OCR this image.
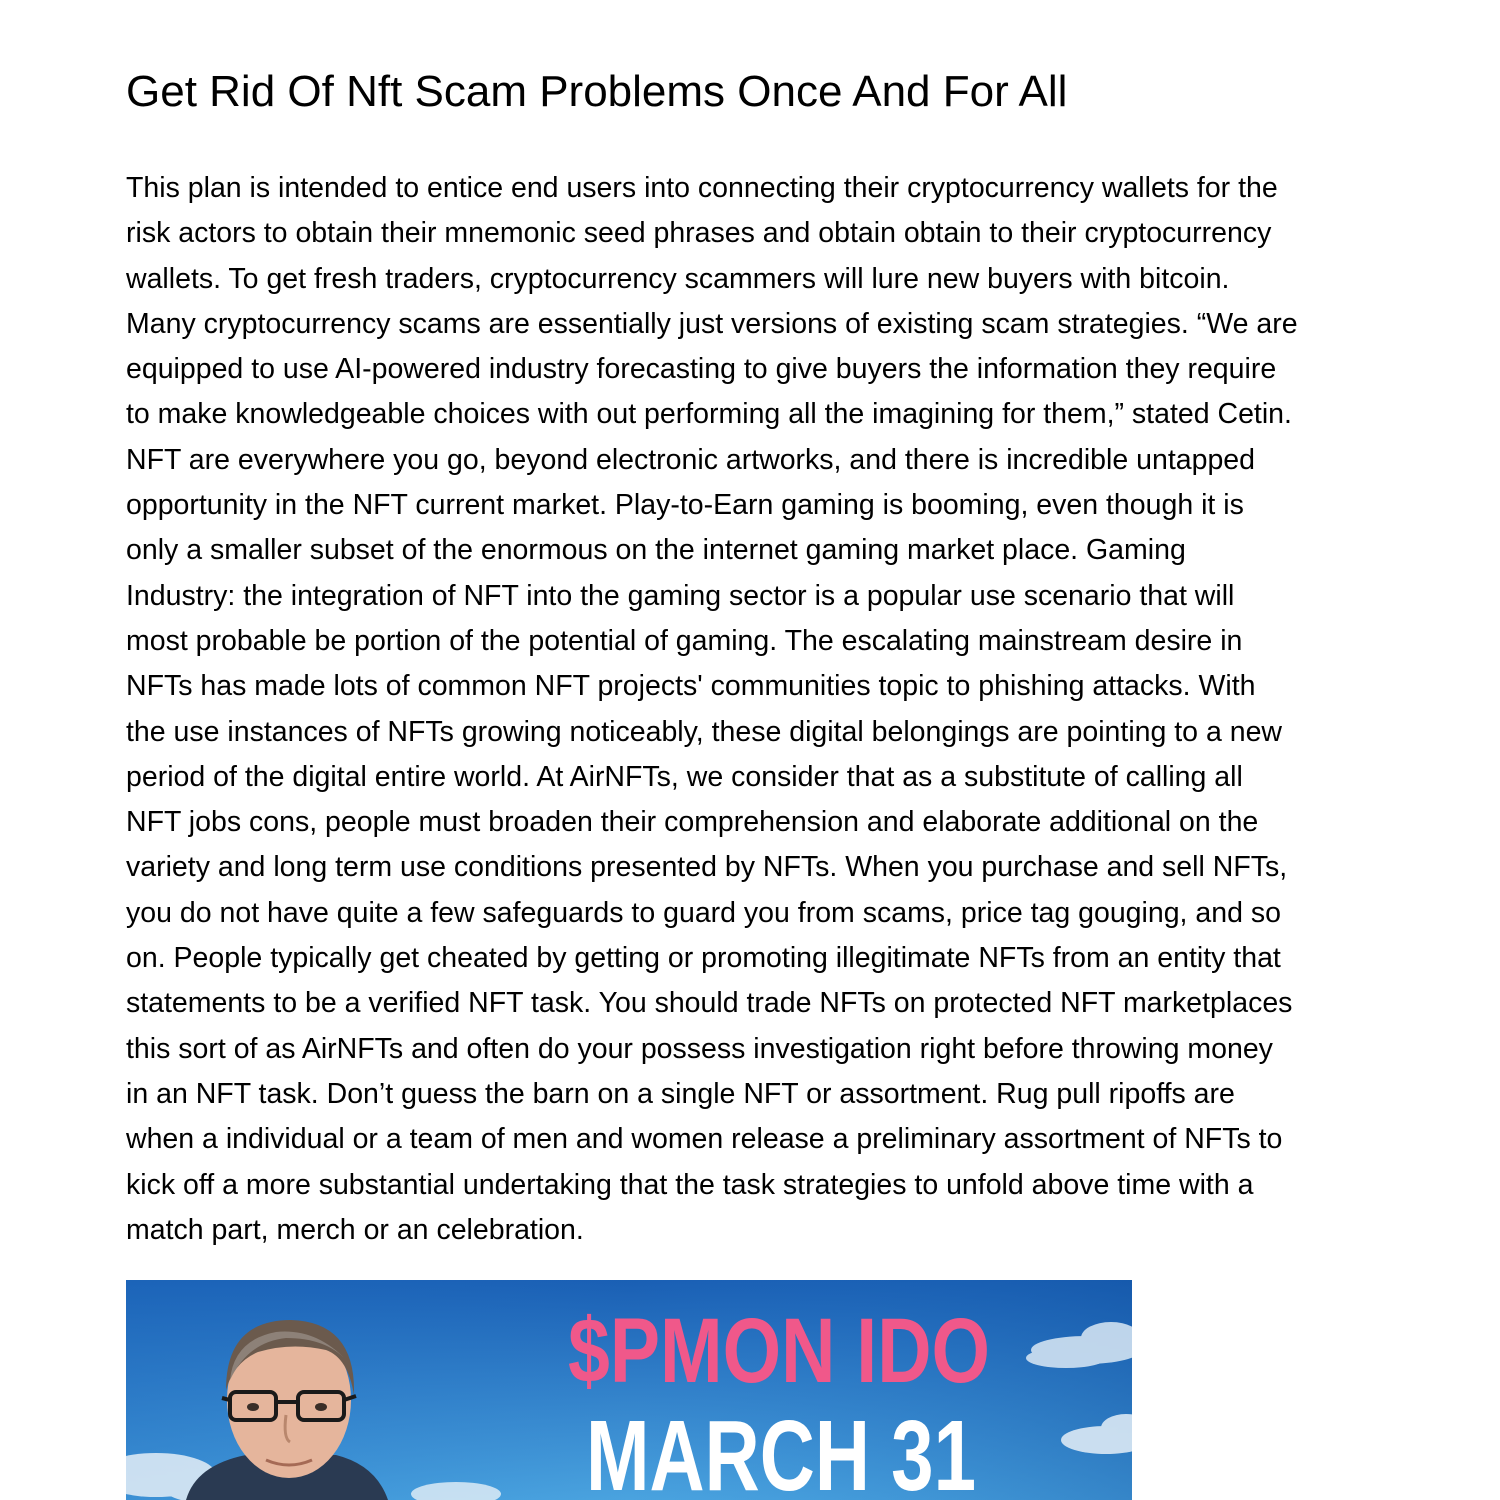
Get Rid Of Nft Scam Problems Once And For All
This plan is intended to entice end users into connecting their cryptocurrency wallets for the
risk actors to obtain their mnemonic seed phrases and obtain obtain to their cryptocurrency
wallets. To get fresh traders, cryptocurrency scammers will lure new buyers with bitcoin.
Many cryptocurrency scams are essentially just versions of existing scam strategies. “We are
equipped to use AI-powered industry forecasting to give buyers the information they require
to make knowledgeable choices with out performing all the imagining for them,” stated Cetin.
NFT are everywhere you go, beyond electronic artworks, and there is incredible untapped
opportunity in the NFT current market. Play-to-Earn gaming is booming, even though it is
only a smaller subset of the enormous on the internet gaming market place. Gaming
Industry: the integration of NFT into the gaming sector is a popular use scenario that will
most probable be portion of the potential of gaming. The escalating mainstream desire in
NFTs has made lots of common NFT projects' communities topic to phishing attacks. With
the use instances of NFTs growing noticeably, these digital belongings are pointing to a new
period of the digital entire world. At AirNFTs, we consider that as a substitute of calling all
NFT jobs cons, people must broaden their comprehension and elaborate additional on the
variety and long term use conditions presented by NFTs. When you purchase and sell NFTs,
you do not have quite a few safeguards to guard you from scams, price tag gouging, and so
on. People typically get cheated by getting or promoting illegitimate NFTs from an entity that
statements to be a verified NFT task. You should trade NFTs on protected NFT marketplaces
this sort of as AirNFTs and often do your possess investigation right before throwing money
in an NFT task. Don’t guess the barn on a single NFT or assortment. Rug pull ripoffs are
when a individual or a team of men and women release a preliminary assortment of NFTs to
kick off a more substantial undertaking that the task strategies to unfold above time with a
match part, merch or an celebration.
$PMON IDO
MARCH 31
